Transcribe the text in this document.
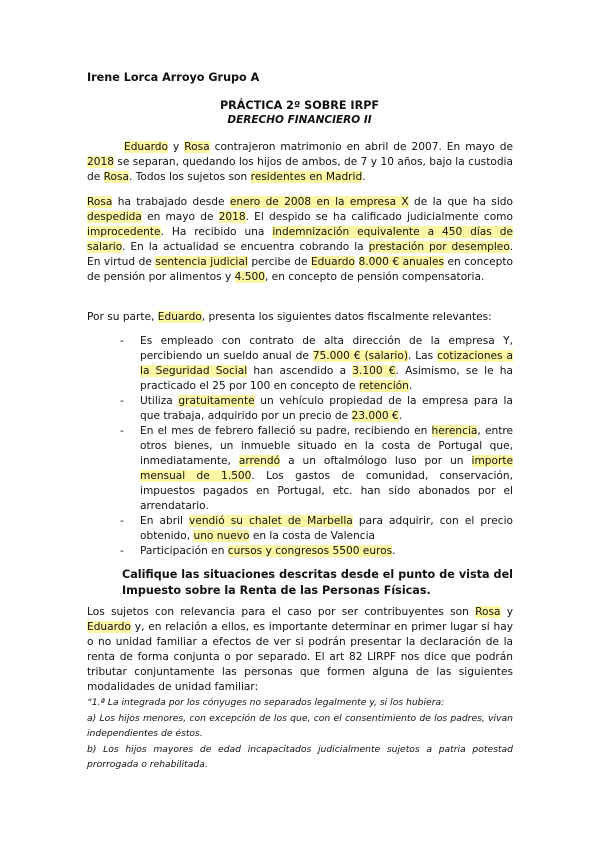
Irene Lorca Arroyo Grupo A

PRÁCTICA 2º SOBRE IRPF

DERECHO FINANCIERO II

Eduardo y Rosa contrajeron matrimonio en abril de 2007. En mayo de 2018 se separan, quedando los hijos de ambos, de 7 y 10 años, bajo la custodia de Rosa. Todos los sujetos son residentes en Madrid.

Rosa ha trabajado desde enero de 2008 en la empresa X de la que ha sido despedida en mayo de 2018. El despido se ha calificado judicialmente como improcedente. Ha recibido una indemnización equivalente a 450 días de salario. En la actualidad se encuentra cobrando la prestación por desempleo. En virtud de sentencia judicial percibe de Eduardo 8.000 € anuales en concepto de pensión por alimentos y 4.500, en concepto de pensión compensatoria.

Por su parte, Eduardo, presenta los siguientes datos fiscalmente relevantes:

- Es empleado con contrato de alta dirección de la empresa Y, percibiendo un sueldo anual de 75.000 € (salario). Las cotizaciones a la Seguridad Social han ascendido a 3.100 €. Asimismo, se le ha practicado el 25 por 100 en concepto de retención.
- Utiliza gratuitamente un vehículo propiedad de la empresa para la que trabaja, adquirido por un precio de 23.000 €.
- En el mes de febrero falleció su padre, recibiendo en herencia, entre otros bienes, un inmueble situado en la costa de Portugal que, inmediatamente, arrendó a un oftalmólogo luso por un importe mensual de 1.500. Los gastos de comunidad, conservación, impuestos pagados en Portugal, etc. han sido abonados por el arrendatario.
- En abril vendió su chalet de Marbella para adquirir, con el precio obtenido, uno nuevo en la costa de Valencia
- Participación en cursos y congresos 5500 euros.

Califique las situaciones descritas desde el punto de vista del Impuesto sobre la Renta de las Personas Físicas.

Los sujetos con relevancia para el caso por ser contribuyentes son Rosa y Eduardo y, en relación a ellos, es importante determinar en primer lugar si hay o no unidad familiar a efectos de ver si podrán presentar la declaración de la renta de forma conjunta o por separado. El art 82 LIRPF nos dice que podrán tributar conjuntamente las personas que formen alguna de las siguientes modalidades de unidad familiar:

“1.ª La integrada por los cónyuges no separados legalmente y, si los hubiera:

a) Los hijos menores, con excepción de los que, con el consentimiento de los padres, vivan independientes de éstos.

b) Los hijos mayores de edad incapacitados judicialmente sujetos a patria potestad prorrogada o rehabilitada.
